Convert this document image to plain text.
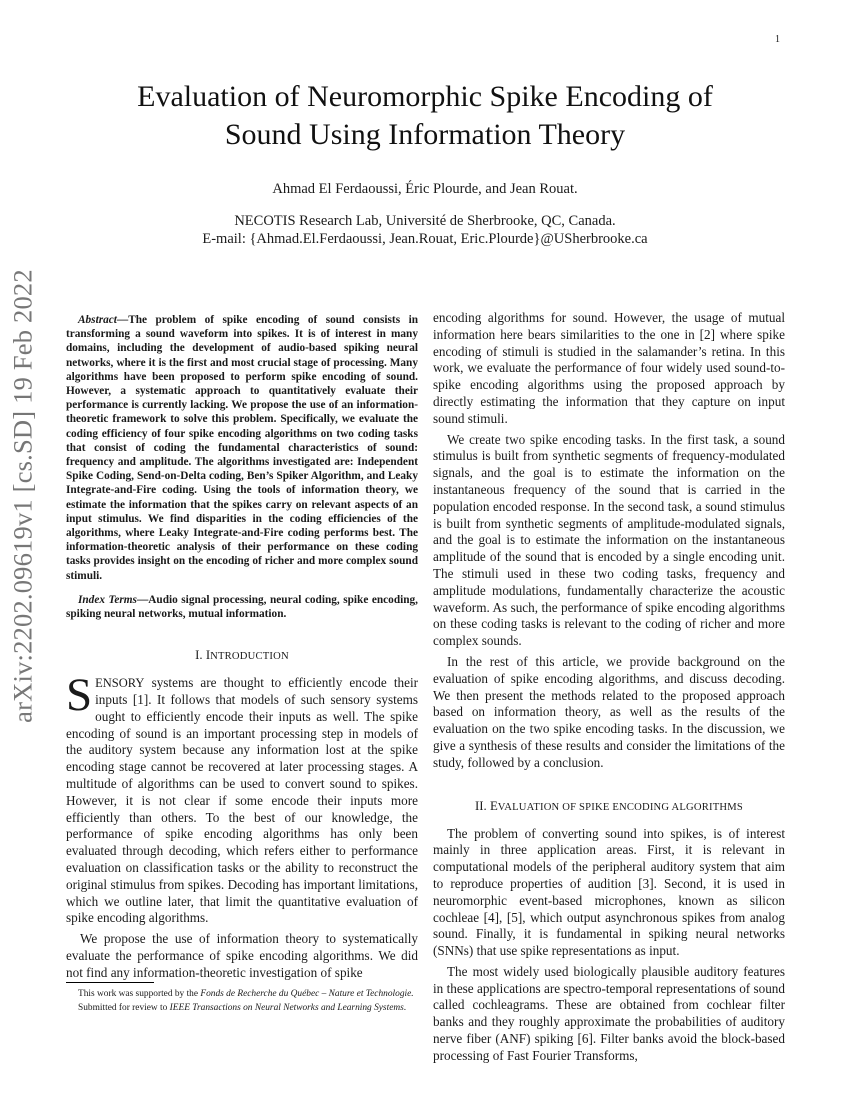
1
arXiv:2202.09619v1 [cs.SD] 19 Feb 2022
Evaluation of Neuromorphic Spike Encoding of
Sound Using Information Theory
Ahmad El Ferdaoussi, Éric Plourde, and Jean Rouat.
NECOTIS Research Lab, Université de Sherbrooke, QC, Canada.
E-mail: {Ahmad.El.Ferdaoussi, Jean.Rouat, Eric.Plourde}@USherbrooke.ca

Abstract—The problem of spike encoding of sound consists in transforming a sound waveform into spikes. It is of interest in many domains, including the development of audio-based spiking neural networks, where it is the first and most crucial stage of processing. Many algorithms have been proposed to perform spike encoding of sound. However, a systematic approach to quantitatively evaluate their performance is currently lacking. We propose the use of an information-theoretic framework to solve this problem. Specifically, we evaluate the coding efficiency of four spike encoding algorithms on two coding tasks that consist of coding the fundamental characteristics of sound: frequency and amplitude. The algorithms investigated are: Independent Spike Coding, Send-on-Delta coding, Ben’s Spiker Algorithm, and Leaky Integrate-and-Fire coding. Using the tools of information theory, we estimate the information that the spikes carry on relevant aspects of an input stimulus. We find disparities in the coding efficiencies of the algorithms, where Leaky Integrate-and-Fire coding performs best. The information-theoretic analysis of their performance on these coding tasks provides insight on the encoding of richer and more complex sound stimuli.

Index Terms—Audio signal processing, neural coding, spike encoding, spiking neural networks, mutual information.

I. INTRODUCTION

SENSORY systems are thought to efficiently encode their inputs [1]. It follows that models of such sensory systems ought to efficiently encode their inputs as well. The spike encoding of sound is an important processing step in models of the auditory system because any information lost at the spike encoding stage cannot be recovered at later processing stages. A multitude of algorithms can be used to convert sound to spikes. However, it is not clear if some encode their inputs more efficiently than others. To the best of our knowledge, the performance of spike encoding algorithms has only been evaluated through decoding, which refers either to performance evaluation on classification tasks or the ability to reconstruct the original stimulus from spikes. Decoding has important limitations, which we outline later, that limit the quantitative evaluation of spike encoding algorithms.

We propose the use of information theory to systematically evaluate the performance of spike encoding algorithms. We did not find any information-theoretic investigation of spike

This work was supported by the Fonds de Recherche du Québec – Nature et Technologie.

Submitted for review to IEEE Transactions on Neural Networks and Learning Systems.

encoding algorithms for sound. However, the usage of mutual information here bears similarities to the one in [2] where spike encoding of stimuli is studied in the salamander’s retina. In this work, we evaluate the performance of four widely used sound-to-spike encoding algorithms using the proposed approach by directly estimating the information that they capture on input sound stimuli.

We create two spike encoding tasks. In the first task, a sound stimulus is built from synthetic segments of frequency-modulated signals, and the goal is to estimate the information on the instantaneous frequency of the sound that is carried in the population encoded response. In the second task, a sound stimulus is built from synthetic segments of amplitude-modulated signals, and the goal is to estimate the information on the instantaneous amplitude of the sound that is encoded by a single encoding unit. The stimuli used in these two coding tasks, frequency and amplitude modulations, fundamentally characterize the acoustic waveform. As such, the performance of spike encoding algorithms on these coding tasks is relevant to the coding of richer and more complex sounds.

In the rest of this article, we provide background on the evaluation of spike encoding algorithms, and discuss decoding. We then present the methods related to the proposed approach based on information theory, as well as the results of the evaluation on the two spike encoding tasks. In the discussion, we give a synthesis of these results and consider the limitations of the study, followed by a conclusion.

II. EVALUATION OF SPIKE ENCODING ALGORITHMS

The problem of converting sound into spikes, is of interest mainly in three application areas. First, it is relevant in computational models of the peripheral auditory system that aim to reproduce properties of audition [3]. Second, it is used in neuromorphic event-based microphones, known as silicon cochleae [4], [5], which output asynchronous spikes from analog sound. Finally, it is fundamental in spiking neural networks (SNNs) that use spike representations as input.

The most widely used biologically plausible auditory features in these applications are spectro-temporal representations of sound called cochleagrams. These are obtained from cochlear filter banks and they roughly approximate the probabilities of auditory nerve fiber (ANF) spiking [6]. Filter banks avoid the block-based processing of Fast Fourier Transforms,
